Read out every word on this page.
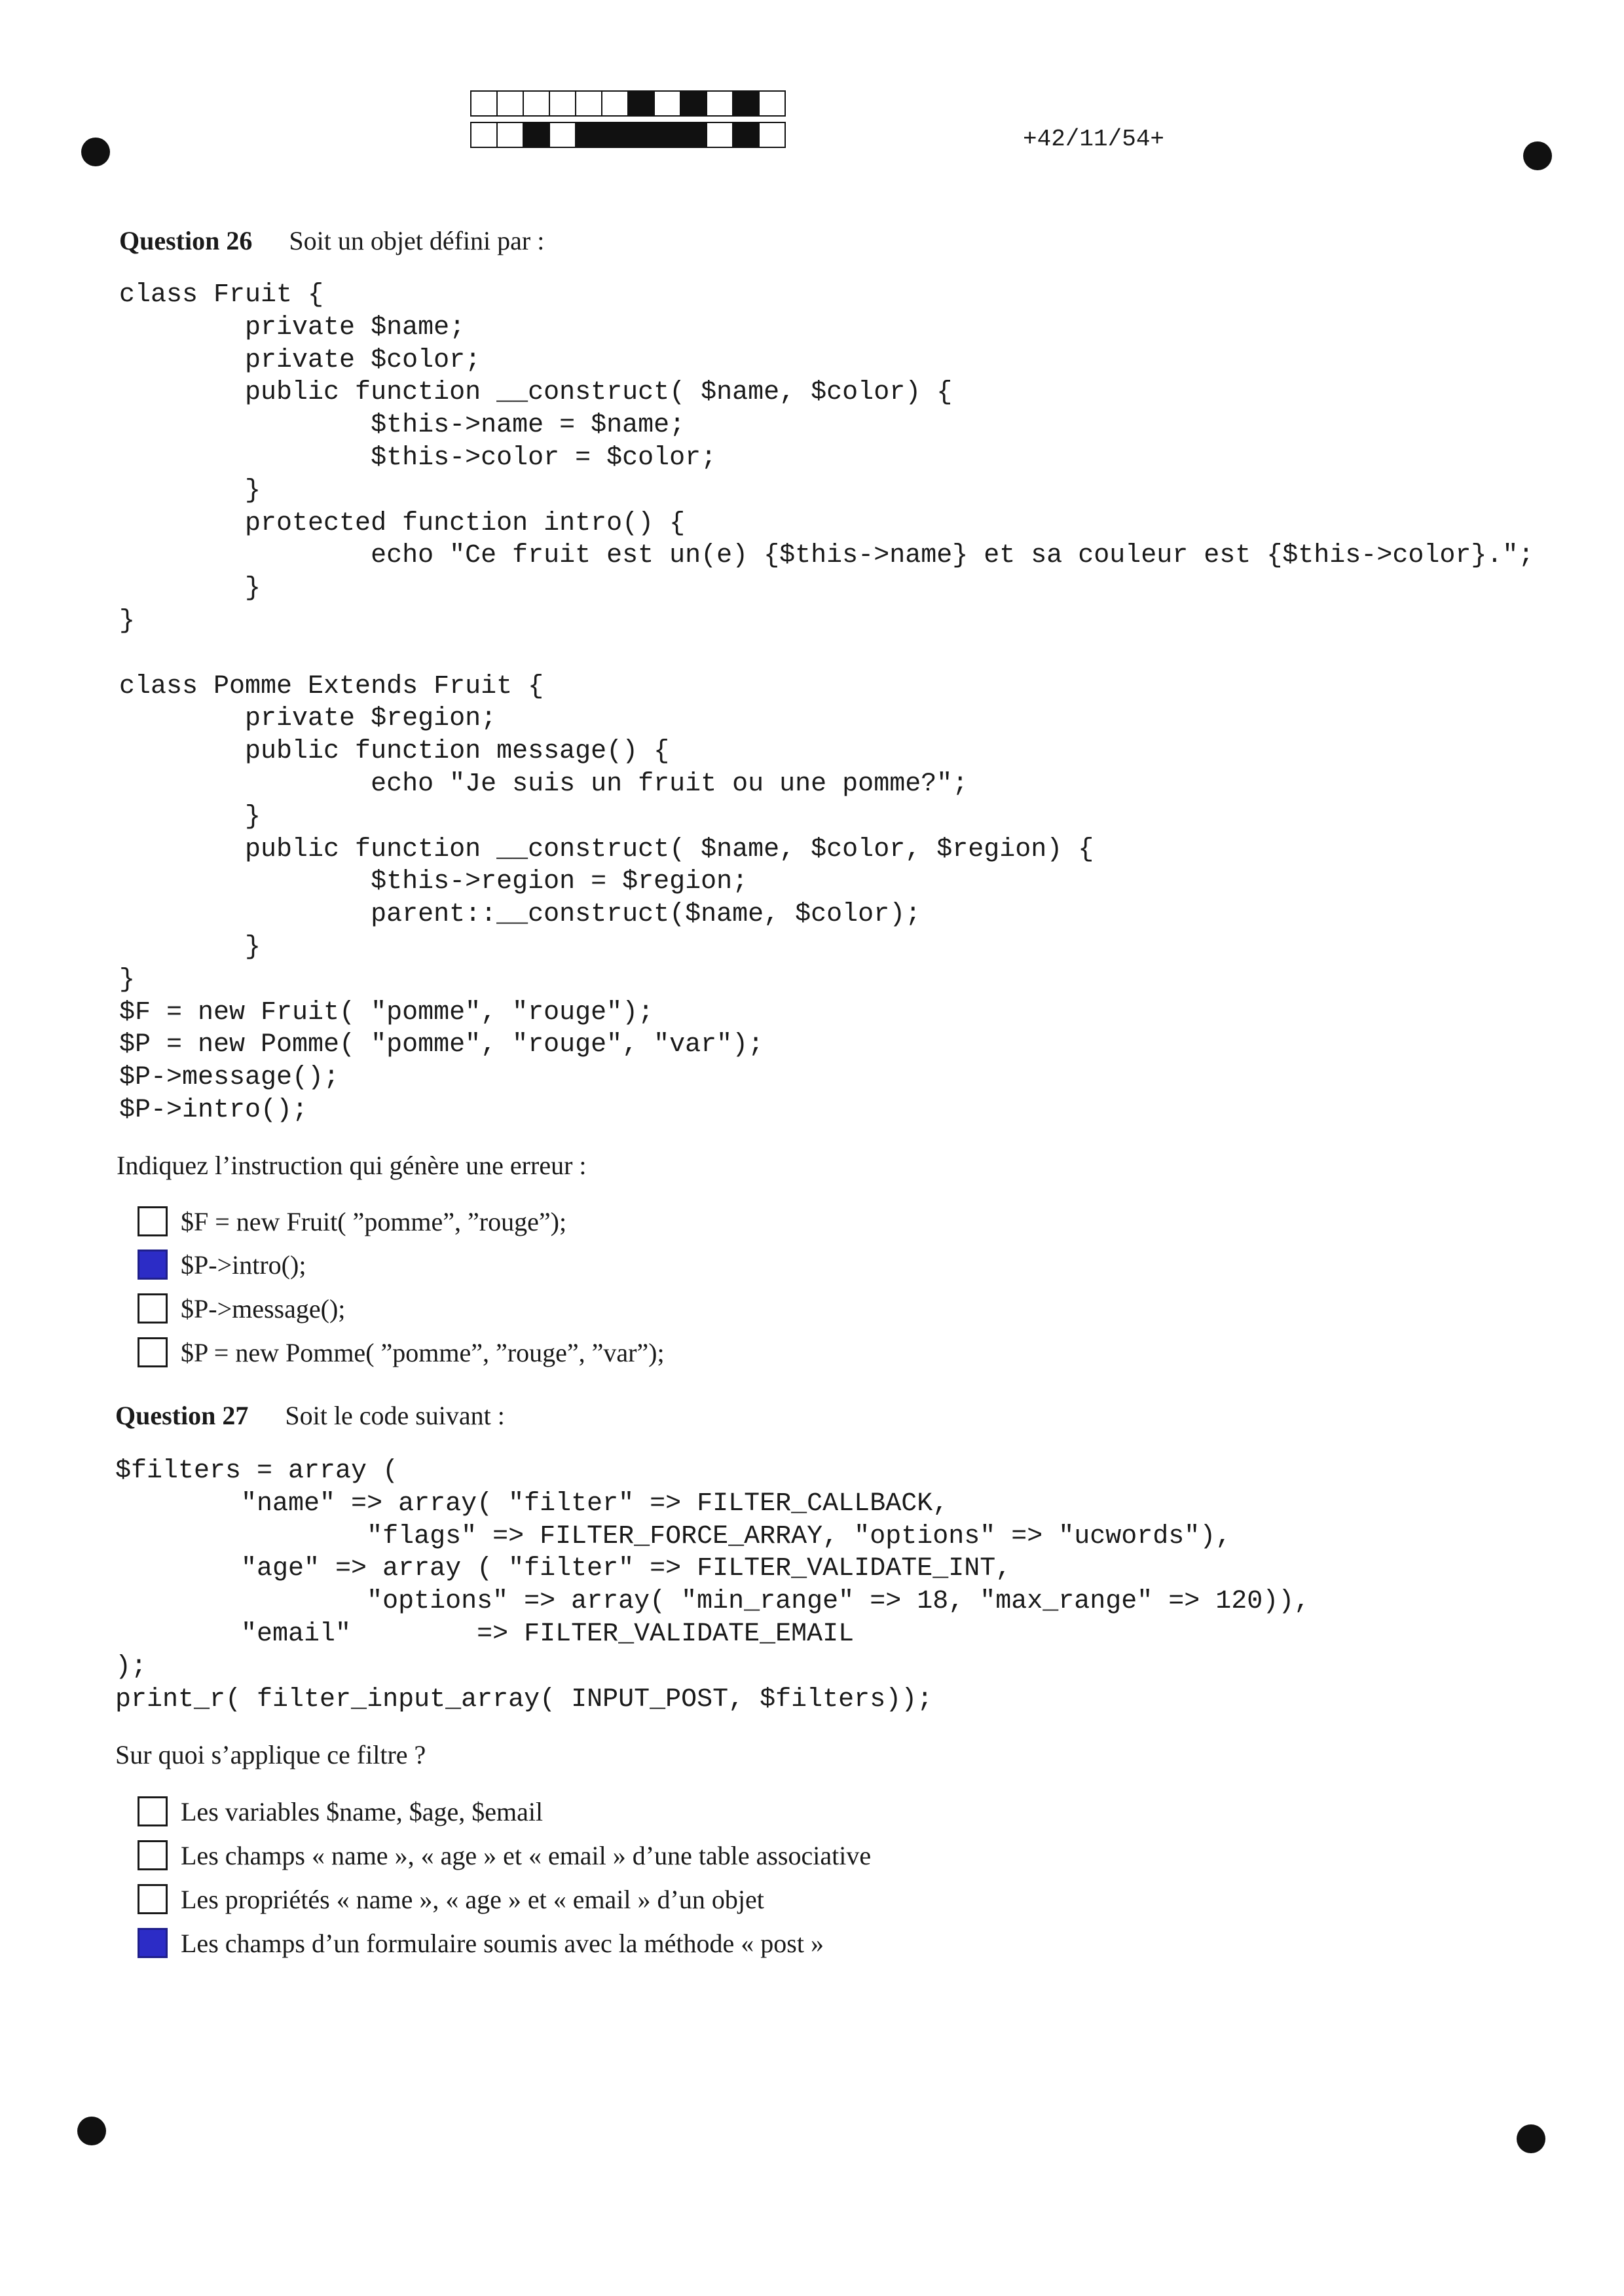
+42/11/54+
Question 26 Soit un objet défini par :
class Fruit {
private $name;
private $color;
public function __construct( $name, $color) {
$this->name = $name;
$this->color = $color;
}
protected function intro() {
echo "Ce fruit est un(e) {$this->name} et sa couleur est {$this->color}.";
}
}

class Pomme Extends Fruit {
private $region;
public function message() {
echo "Je suis un fruit ou une pomme?";
}
public function __construct( $name, $color, $region) {
$this->region = $region;
parent::__construct($name, $color);
}
}
$F = new Fruit( "pomme", "rouge");
$P = new Pomme( "pomme", "rouge", "var");
$P->message();
$P->intro();
Indiquez l’instruction qui génère une erreur :
$F = new Fruit( ”pomme”, ”rouge”);
$P->intro();
$P->message();
$P = new Pomme( ”pomme”, ”rouge”, ”var”);
Question 27 Soit le code suivant :
$filters = array (
"name" => array( "filter" => FILTER_CALLBACK,
"flags" => FILTER_FORCE_ARRAY, "options" => "ucwords"),
"age" => array ( "filter" => FILTER_VALIDATE_INT,
"options" => array( "min_range" => 18, "max_range" => 120)),
"email"        => FILTER_VALIDATE_EMAIL
);
print_r( filter_input_array( INPUT_POST, $filters));
Sur quoi s’applique ce filtre ?
Les variables $name, $age, $email
Les champs « name », « age » et « email » d’une table associative
Les propriétés « name », « age » et « email » d’un objet
Les champs d’un formulaire soumis avec la méthode « post »
